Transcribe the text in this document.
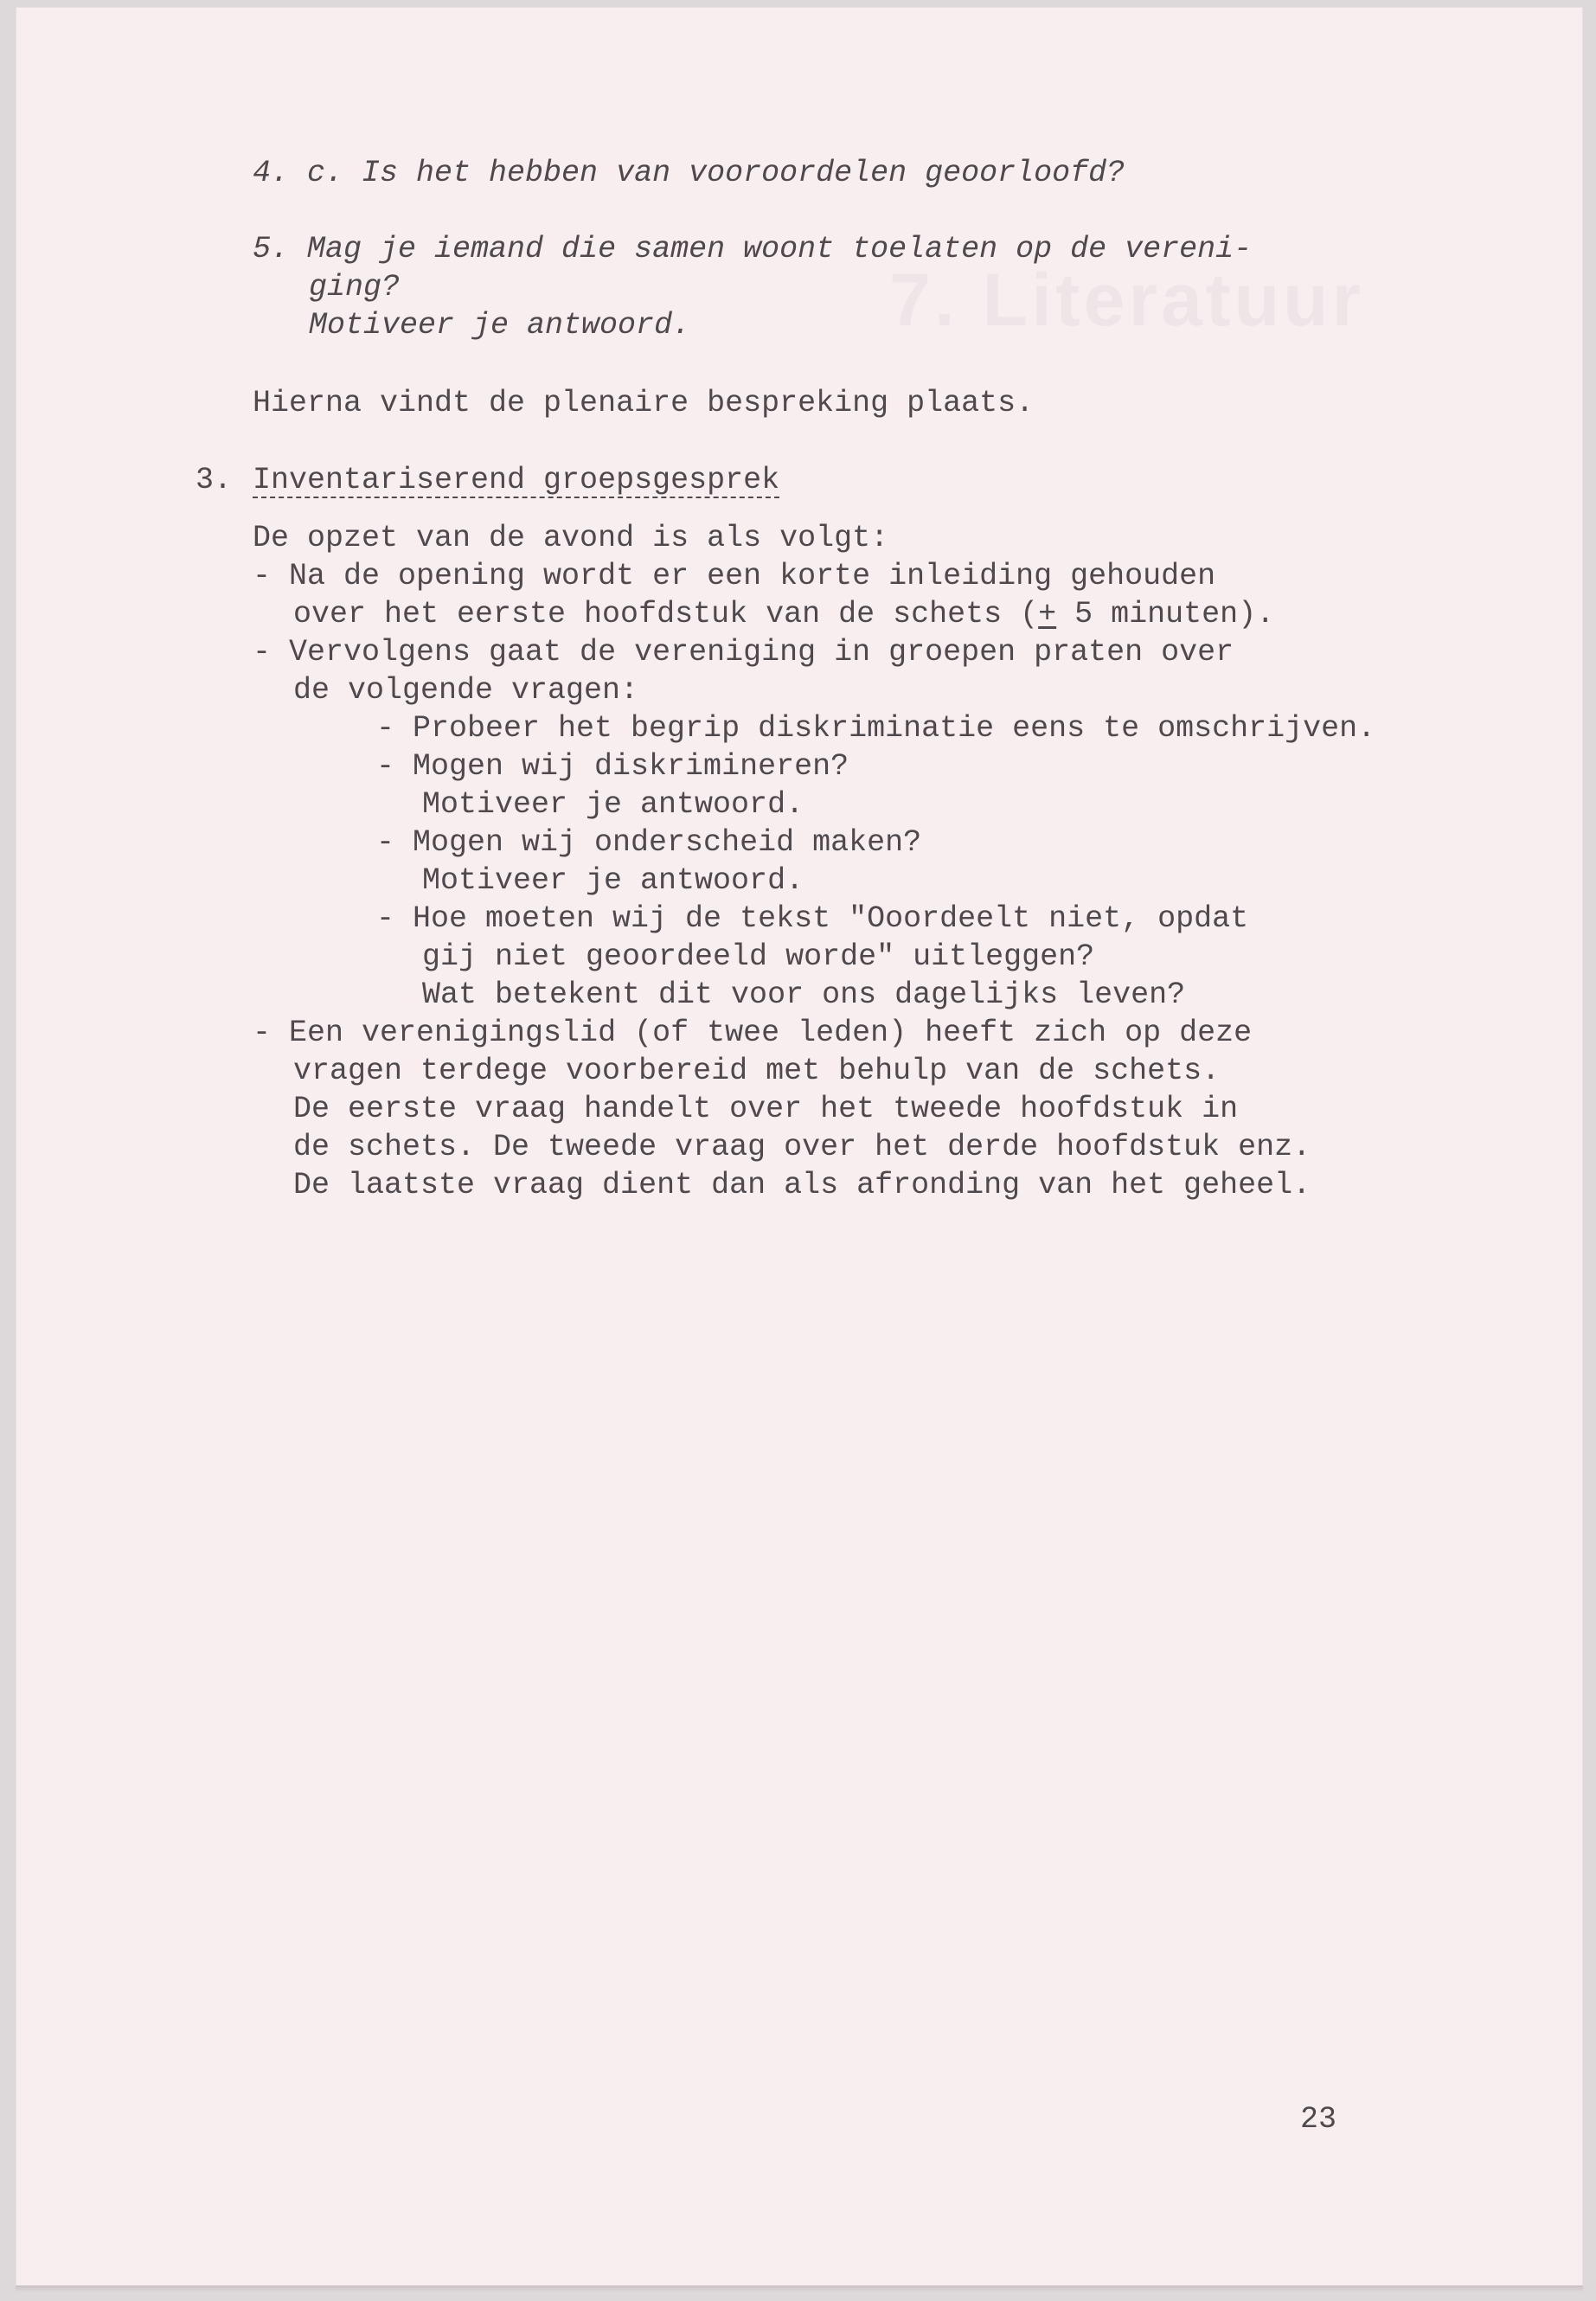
7. Literatuur
4. c. Is het hebben van vooroordelen geoorloofd?
5. Mag je iemand die samen woont toelaten op de vereni-
ging?
Motiveer je antwoord.
Hierna vindt de plenaire bespreking plaats.
3. Inventariserend groepsgesprek
De opzet van de avond is als volgt:
- Na de opening wordt er een korte inleiding gehouden
over het eerste hoofdstuk van de schets (+ 5 minuten).
- Vervolgens gaat de vereniging in groepen praten over
de volgende vragen:
- Probeer het begrip diskriminatie eens te omschrijven.
- Mogen wij diskrimineren?
Motiveer je antwoord.
- Mogen wij onderscheid maken?
Motiveer je antwoord.
- Hoe moeten wij de tekst "Ooordeelt niet, opdat
gij niet geoordeeld worde" uitleggen?
Wat betekent dit voor ons dagelijks leven?
- Een verenigingslid (of twee leden) heeft zich op deze
vragen terdege voorbereid met behulp van de schets.
De eerste vraag handelt over het tweede hoofdstuk in
de schets. De tweede vraag over het derde hoofdstuk enz.
De laatste vraag dient dan als afronding van het geheel.
23
